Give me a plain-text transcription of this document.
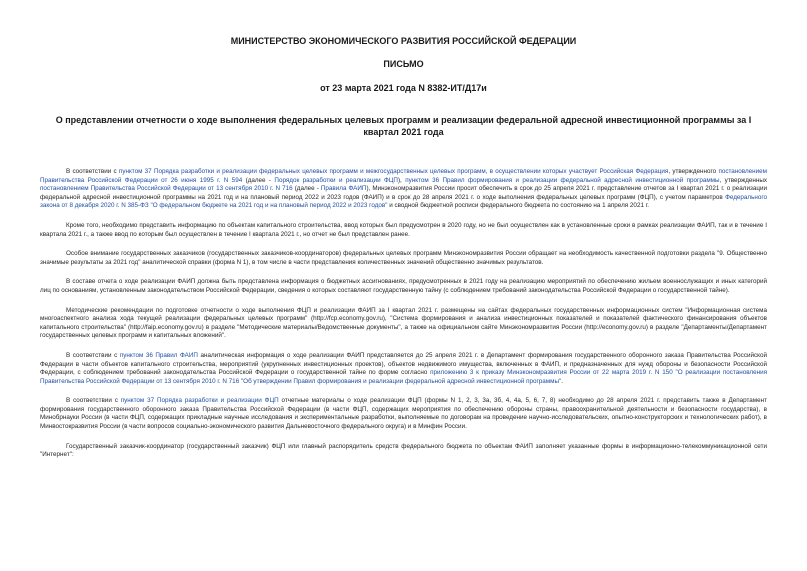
МИНИСТЕРСТВО ЭКОНОМИЧЕСКОГО РАЗВИТИЯ РОССИЙСКОЙ ФЕДЕРАЦИИ
ПИСЬМО
от 23 марта 2021 года N 8382-ИТ/Д17и
О представлении отчетности о ходе выполнения федеральных целевых программ и реализации федеральной адресной инвестиционной программы за I квартал 2021 года
В соответствии с пунктом 37 Порядка разработки и реализации федеральных целевых программ и межгосударственных целевых программ, в осуществлении которых участвует Российская Федерация, утвержденного постановлением Правительства Российской Федерации от 26 июня 1995 г. N 594 (далее - Порядок разработки и реализации ФЦП), пунктом 36 Правил формирования и реализации федеральной адресной инвестиционной программы, утвержденных постановлением Правительства Российской Федерации от 13 сентября 2010 г. N 716 (далее - Правила ФАИП), Минэкономразвития России просит обеспечить в срок до 25 апреля 2021 г. представление отчетов за I квартал 2021 г. о реализации федеральной адресной инвестиционной программы на 2021 год и на плановый период 2022 и 2023 годов (ФАИП) и в срок до 28 апреля 2021 г. о ходе выполнения федеральных целевых программ (ФЦП), с учетом параметров Федерального закона от 8 декабря 2020 г. N 385-ФЗ "О федеральном бюджете на 2021 год и на плановый период 2022 и 2023 годов" и сводной бюджетной росписи федерального бюджета по состоянию на 1 апреля 2021 г.
Кроме того, необходимо представить информацию по объектам капитального строительства, ввод которых был предусмотрен в 2020 году, но не был осуществлен как в установленные сроки в рамках реализации ФАИП, так и в течение I квартала 2021 г., а также ввод по которым был осуществлен в течение I квартала 2021 г., но отчет не был представлен ранее.
Особое внимание государственных заказчиков (государственных заказчиков-координаторов) федеральных целевых программ Минэкономразвития России обращает на необходимость качественной подготовки раздела "9. Общественно значимые результаты за 2021 год" аналитической справки (форма N 1), в том числе в части представления количественных значений общественно значимых результатов.
В составе отчета о ходе реализации ФАИП должна быть представлена информация о бюджетных ассигнованиях, предусмотренных в 2021 году на реализацию мероприятий по обеспечению жильем военнослужащих и иных категорий лиц по основаниям, установленным законодательством Российской Федерации, сведения о которых составляют государственную тайну (с соблюдением требований законодательства Российской Федерации о государственной тайне).
Методические рекомендации по подготовке отчетности о ходе выполнения ФЦП и реализации ФАИП за I квартал 2021 г. размещены на сайтах федеральных государственных информационных систем "Информационная система многоаспектного анализа хода текущей реализации федеральных целевых программ" (http://fcp.economy.gov.ru), "Система формирования и анализа инвестиционных показателей и показателей фактического финансирования объектов капитального строительства" (http://faip.economy.gov.ru) в разделе "Методические материалы/Ведомственные документы", а также на официальном сайте Минэкономразвития России (http://economy.gov.ru) в разделе "Департаменты/Департамент государственных целевых программ и капитальных вложений".
В соответствии с пунктом 36 Правил ФАИП аналитическая информация о ходе реализации ФАИП представляется до 25 апреля 2021 г. в Департамент формирования государственного оборонного заказа Правительства Российской Федерации в части объектов капитального строительства, мероприятий (укрупненных инвестиционных проектов), объектов недвижимого имущества, включенных в ФАИП, и предназначенных для нужд обороны и безопасности Российской Федерации, с соблюдением требований законодательства Российской Федерации о государственной тайне по форме согласно приложению 3 к приказу Минэкономразвития России от 22 марта 2019 г. N 150 "О реализации постановления Правительства Российской Федерации от 13 сентября 2010 г. N 716 "Об утверждении Правил формирования и реализации федеральной адресной инвестиционной программы".
В соответствии с пунктом 37 Порядка разработки и реализации ФЦП отчетные материалы о ходе реализации ФЦП (формы N 1, 2, 3, 3а, 3б, 4, 4а, 5, 6, 7, 8) необходимо до 28 апреля 2021 г. представить также в Департамент формирования государственного оборонного заказа Правительства Российской Федерации (в части ФЦП, содержащих мероприятия по обеспечению обороны страны, правоохранительной деятельности и безопасности государства), в Минобрнауки России (в части ФЦП, содержащих прикладные научные исследования и экспериментальные разработки, выполняемые по договорам на проведение научно-исследовательских, опытно-конструкторских и технологических работ), в Минвостокразвития России (в части вопросов социально-экономического развития Дальневосточного федерального округа) и в Минфин России.
Государственный заказчик-координатор (государственный заказчик) ФЦП или главный распорядитель средств федерального бюджета по объектам ФАИП заполняет указанные формы в информационно-телекоммуникационной сети "Интернет":
